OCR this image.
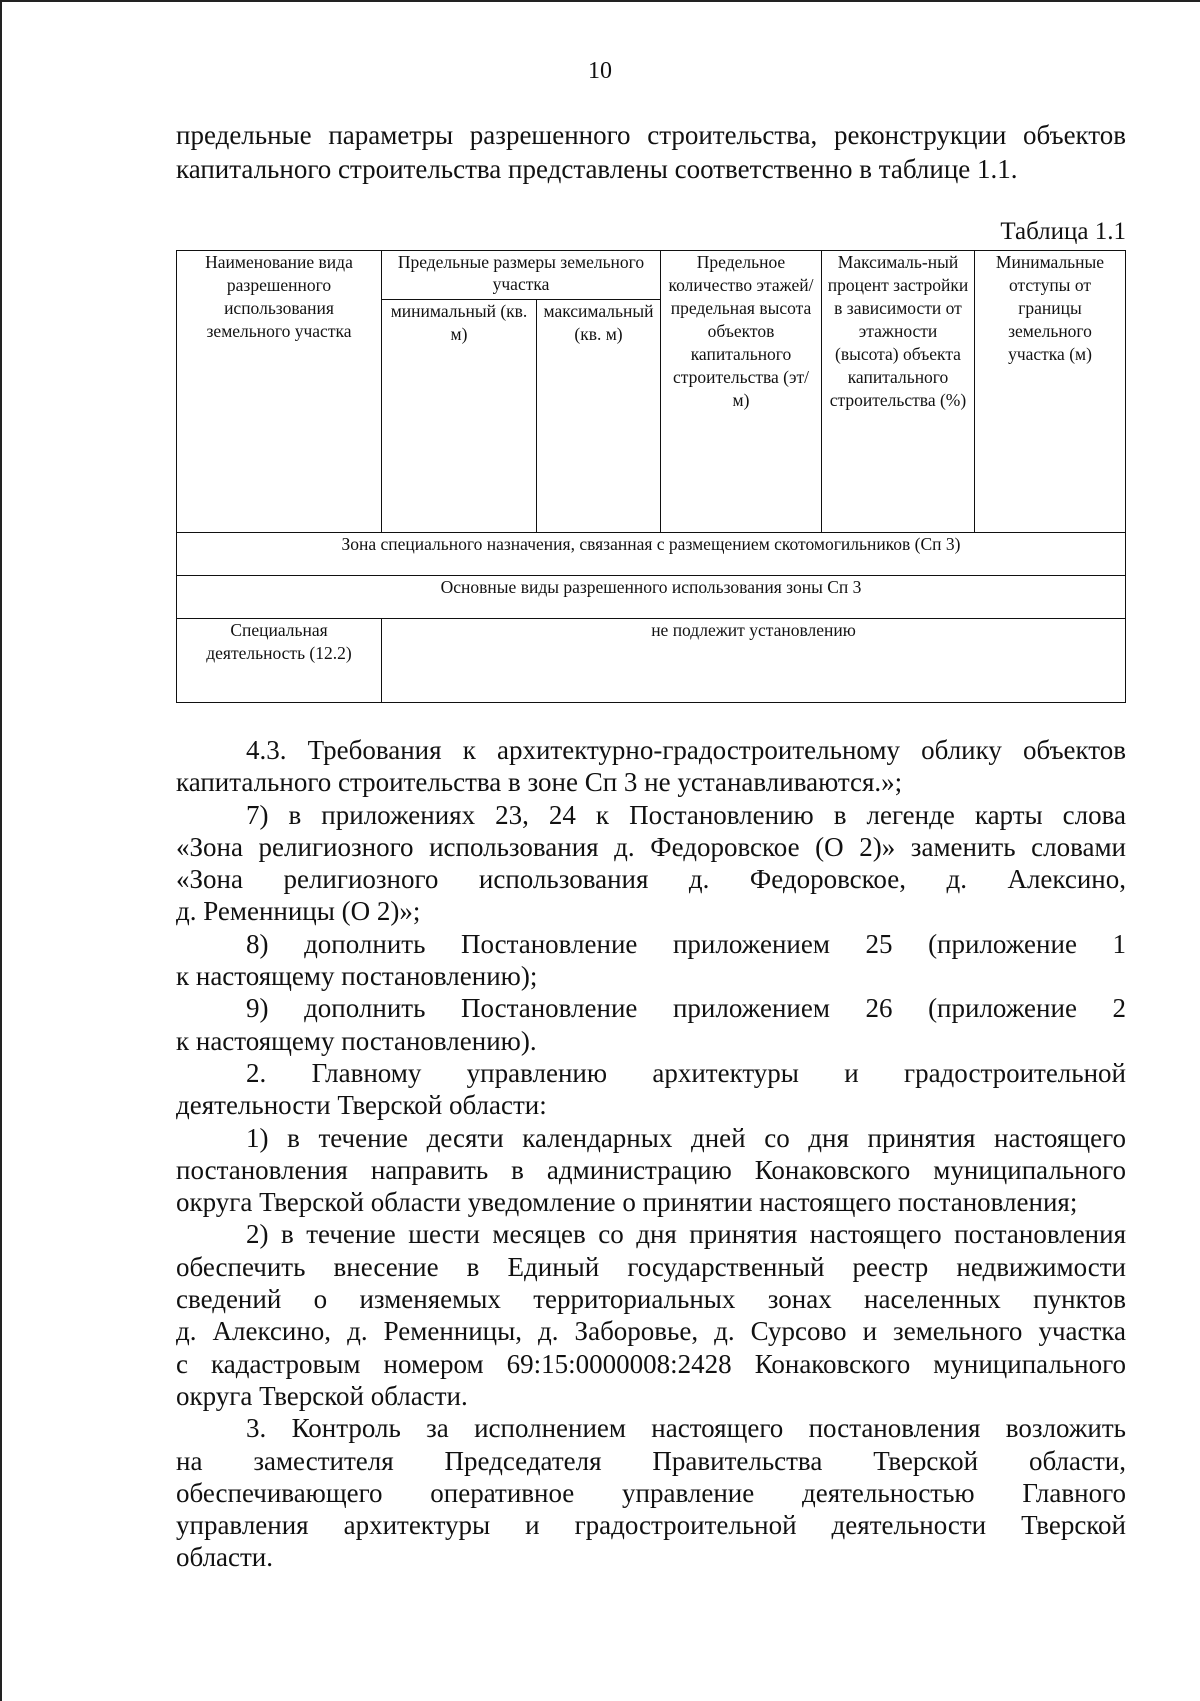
10

предельные параметры разрешенного строительства, реконструкции объектов

капитального строительства представлены соответственно в таблице 1.1.

Таблица 1.1
Наименование вида разрешенного использования земельного участка	Предельные размеры земельного участка		Предельное количество этажей/ предельная высота объектов капитального строительства (эт/м)	Максималь-ный процент застройки в зависимости от этажности (высота) объекта капитального строительства (%)	Минимальные отступы от границы земельного участка (м)
	минимальный (кв. м)	максимальный (кв. м)			
Зона специального назначения, связанная с размещением скотомогильников (Сп 3)					
Основные виды разрешенного использования зоны Сп 3					
Специальная деятельность (12.2)	не подлежит установлению				

4.3. Требования к архитектурно-градостроительному облику объектов

капитального строительства в зоне Сп 3 не устанавливаются.»;

7) в приложениях 23, 24 к Постановлению в легенде карты слова

«Зона религиозного использования д. Федоровское (О 2)» заменить словами

«Зона религиозного использования д. Федоровское, д. Алексино,

д. Ременницы (О 2)»;

8) дополнить Постановление приложением 25 (приложение 1

к настоящему постановлению);

9) дополнить Постановление приложением 26 (приложение 2

к настоящему постановлению).

2. Главному управлению архитектуры и градостроительной

деятельности Тверской области:

1) в течение десяти календарных дней со дня принятия настоящего

постановления направить в администрацию Конаковского муниципального

округа Тверской области уведомление о принятии настоящего постановления;

2) в течение шести месяцев со дня принятия настоящего постановления

обеспечить внесение в Единый государственный реестр недвижимости

сведений о изменяемых территориальных зонах населенных пунктов

д. Алексино, д. Ременницы, д. Заборовье, д. Сурсово и земельного участка

с кадастровым номером 69:15:0000008:2428 Конаковского муниципального

округа Тверской области.

3. Контроль за исполнением настоящего постановления возложить

на заместителя Председателя Правительства Тверской области,

обеспечивающего оперативное управление деятельностью Главного

управления архитектуры и градостроительной деятельности Тверской

области.
